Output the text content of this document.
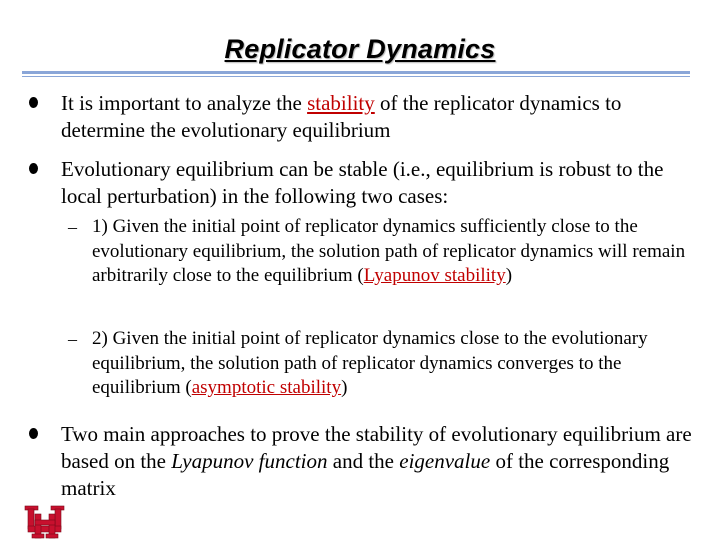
Replicator Dynamics
It is important to analyze the stability of the replicator dynamics to determine the evolutionary equilibrium
Evolutionary equilibrium can be stable (i.e., equilibrium is robust to the local perturbation) in the following two cases:
– 1) Given the initial point of replicator dynamics sufficiently close to the evolutionary equilibrium, the solution path of replicator dynamics will remain arbitrarily close to the equilibrium (Lyapunov stability)
– 2) Given the initial point of replicator dynamics close to the evolutionary equilibrium, the solution path of replicator dynamics converges to the equilibrium (asymptotic stability)
Two main approaches to prove the stability of evolutionary equilibrium are based on the Lyapunov function and the eigenvalue of the corresponding matrix
